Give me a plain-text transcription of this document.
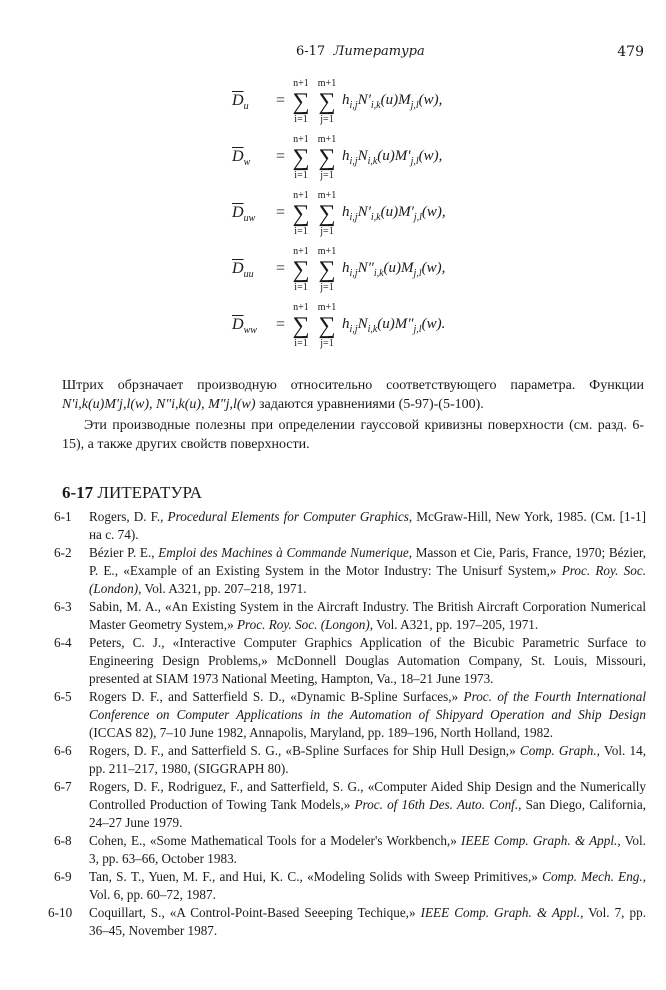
6-17 Литература	479
$\overline{D}_u$ =
n+1
∑
i=1
m+1
∑
j=1
$h_{i,j}N'_{i,k}(u)M_{j,l}(w)$,
$\overline{D}_w$ =
n+1
∑
i=1
m+1
∑
j=1
$h_{i,j}N_{i,k}(u)M'_{j,l}(w)$,
$\overline{D}_{uw}$ =
n+1
∑
i=1
m+1
∑
j=1
$h_{i,j}N'_{i,k}(u)M'_{j,l}(w)$,
$\overline{D}_{uu}$ =
n+1
∑
i=1
m+1
∑
j=1
$h_{i,j}N''_{i,k}(u)M_{j,l}(w)$,
$\overline{D}_{ww}$ =
n+1
∑
i=1
m+1
∑
j=1
$h_{i,j}N_{i,k}(u)M''_{j,l}(w)$.
Штрих обрзначает производную относительно соответствующего параметра. Функции N′i,k(u)M′j,l(w), N″i,k(u), M″j,l(w) задаются уравнениями (5-97)-(5-100).
Эти производные полезны при определении гауссовой кривизны поверхности (см. разд. 6-15), а также других свойств поверхности.
6-17 ЛИТЕРАТУРА
6-1 Rogers, D. F., Procedural Elements for Computer Graphics, McGraw-Hill, New York, 1985. (См. [1-1] на с. 74).
6-2 Bézier P. E., Emploi des Machines à Commande Numerique, Masson et Cie, Paris, France, 1970; Bézier, P. E., «Example of an Existing System in the Motor Industry: The Unisurf System,» Proc. Roy. Soc. (London), Vol. A321, pp. 207–218, 1971.
6-3 Sabin, M. A., «An Existing System in the Aircraft Industry. The British Aircraft Corporation Numerical Master Geometry System,» Proc. Roy. Soc. (Longon), Vol. A321, pp. 197–205, 1971.
6-4 Peters, C. J., «Interactive Computer Graphics Application of the Bicubic Parametric Surface to Engineering Design Problems,» McDonnell Douglas Automation Company, St. Louis, Missouri, presented at SIAM 1973 National Meeting, Hampton, Va., 18–21 June 1973.
6-5 Rogers D. F., and Satterfield S. D., «Dynamic B-Spline Surfaces,» Proc. of the Fourth International Conference on Computer Applications in the Automation of Shipyard Operation and Ship Design (ICCAS 82), 7–10 June 1982, Annapolis, Maryland, pp. 189–196, North Holland, 1982.
6-6 Rogers, D. F., and Satterfield S. G., «B-Spline Surfaces for Ship Hull Design,» Comp. Graph., Vol. 14, pp. 211–217, 1980, (SIGGRAPH 80).
6-7 Rogers, D. F., Rodriguez, F., and Satterfield, S. G., «Computer Aided Ship Design and the Numerically Controlled Production of Towing Tank Models,» Proc. of 16th Des. Auto. Conf., San Diego, California, 24–27 June 1979.
6-8 Cohen, E., «Some Mathematical Tools for a Modeler's Workbench,» IEEE Comp. Graph. & Appl., Vol. 3, pp. 63–66, October 1983.
6-9 Tan, S. T., Yuen, M. F., and Hui, K. C., «Modeling Solids with Sweep Primitives,» Comp. Mech. Eng., Vol. 6, pp. 60–72, 1987.
6-10 Coquillart, S., «A Control-Point-Based Seeeping Techique,» IEEE Comp. Graph. & Appl., Vol. 7, pp. 36–45, November 1987.
